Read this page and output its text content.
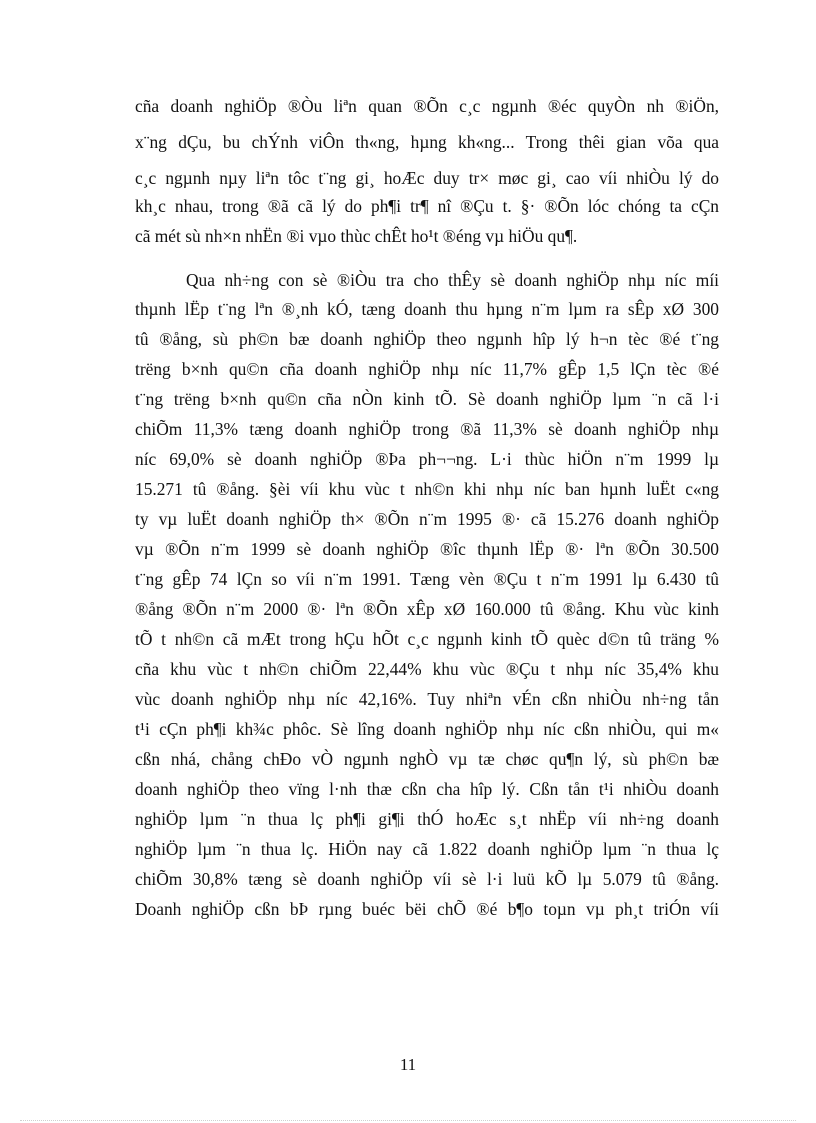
cña doanh nghiÖp ®Òu liªn quan ®Õn c¸c ngµnh ®éc quyÒn nh ®iÖn,
x¨ng dÇu, bu chÝnh viÔn th«ng, hµng kh«ng... Trong thêi gian võa qua
c¸c ngµnh nµy liªn tôc t¨ng gi¸ hoÆc duy tr× møc gi¸ cao víi nhiÒu lý do
kh¸c nhau, trong ®ã cã lý do ph¶i tr¶ nî ®Çu t. §· ®Õn lóc chóng ta cÇn
cã mét sù nh×n nhËn ®i vµo thùc chÊt ho¹t ®éng vµ hiÖu qu¶.
Qua nh÷ng con sè ®iÒu tra cho thÊy sè doanh nghiÖp nhµ níc míi
thµnh lËp t¨ng lªn ®¸nh kÓ, tæng doanh thu hµng n¨m lµm ra sÊp xØ 300
tû ®ång, sù ph©n bæ doanh nghiÖp theo ngµnh hîp lý h¬n tèc ®é t¨ng
trëng b×nh qu©n cña doanh nghiÖp nhµ níc 11,7% gÊp 1,5 lÇn tèc ®é
t¨ng trëng b×nh qu©n cña nÒn kinh tÕ. Sè doanh nghiÖp lµm ¨n cã l·i
chiÕm 11,3% tæng doanh nghiÖp trong ®ã 11,3% sè doanh nghiÖp nhµ
níc 69,0% sè doanh nghiÖp ®Þa ph¬¬ng. L·i thùc hiÖn n¨m 1999 lµ
15.271 tû ®ång. §èi víi khu vùc t nh©n khi nhµ níc ban hµnh luËt c«ng
ty vµ luËt doanh nghiÖp th× ®Õn n¨m 1995 ®· cã 15.276 doanh nghiÖp
vµ ®Õn n¨m 1999 sè doanh nghiÖp ®îc thµnh lËp ®· lªn ®Õn 30.500
t¨ng gÊp 74 lÇn so víi n¨m 1991. Tæng vèn ®Çu t n¨m 1991 lµ 6.430 tû
®ång ®Õn n¨m 2000 ®· lªn ®Õn xÊp xØ 160.000 tû ®ång. Khu vùc kinh
tÕ t nh©n cã mÆt trong hÇu hÕt c¸c ngµnh kinh tÕ quèc d©n tû träng %
cña khu vùc t nh©n chiÕm 22,44% khu vùc ®Çu t nhµ níc 35,4% khu
vùc doanh nghiÖp nhµ níc 42,16%. Tuy nhiªn vÉn cßn nhiÒu nh÷ng tån
t¹i cÇn ph¶i kh¾c phôc. Sè lîng doanh nghiÖp nhµ níc cßn nhiÒu, qui m«
cßn nhá, chång chÐo vÒ ngµnh nghÒ vµ tæ chøc qu¶n lý, sù ph©n bæ
doanh nghiÖp theo vïng l·nh thæ cßn cha hîp lý. Cßn tån t¹i nhiÒu doanh
nghiÖp lµm ¨n thua lç ph¶i gi¶i thÓ hoÆc s¸t nhËp víi nh÷ng doanh
nghiÖp lµm ¨n thua lç. HiÖn nay cã 1.822 doanh nghiÖp lµm ¨n thua lç
chiÕm 30,8% tæng sè doanh nghiÖp víi sè l·i luü kÕ lµ 5.079 tû ®ång.
Doanh nghiÖp cßn bÞ rµng buéc bëi chÕ ®é b¶o toµn vµ ph¸t triÓn víi
11
